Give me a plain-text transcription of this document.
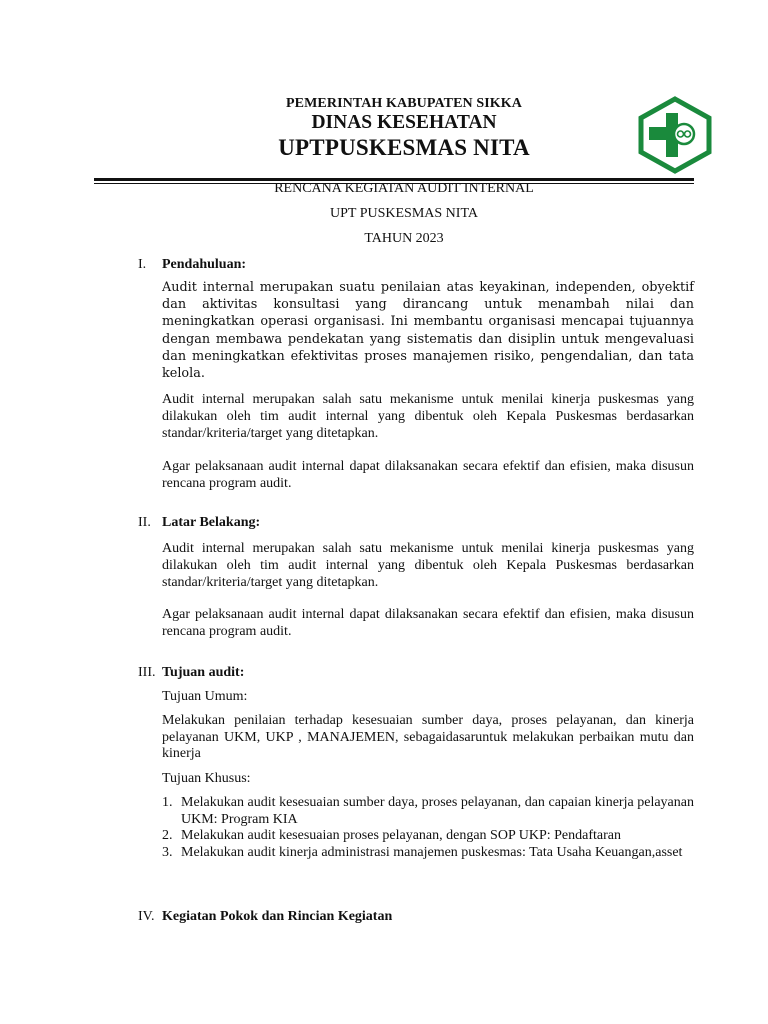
PEMERINTAH KABUPATEN SIKKA
DINAS KESEHATAN
UPTPUSKESMAS NITA
RENCANA KEGIATAN AUDIT INTERNAL
UPT PUSKESMAS NITA
TAHUN 2023
I. Pendahuluan:
Audit internal merupakan suatu penilaian atas keyakinan, independen, obyektif dan aktivitas konsultasi yang dirancang untuk menambah nilai dan meningkatkan operasi organisasi. Ini membantu organisasi mencapai tujuannya dengan membawa pendekatan yang sistematis dan disiplin untuk mengevaluasi dan meningkatkan efektivitas proses manajemen risiko, pengendalian, dan tata kelola.
Audit internal merupakan salah satu mekanisme untuk menilai kinerja puskesmas yang dilakukan oleh tim audit internal yang dibentuk oleh Kepala Puskesmas berdasarkan standar/kriteria/target yang ditetapkan.
Agar pelaksanaan audit internal dapat dilaksanakan secara efektif dan efisien, maka disusun rencana program audit.
II. Latar Belakang:
Audit internal merupakan salah satu mekanisme untuk menilai kinerja puskesmas yang dilakukan oleh tim audit internal yang dibentuk oleh Kepala Puskesmas berdasarkan standar/kriteria/target yang ditetapkan.
Agar pelaksanaan audit internal dapat dilaksanakan secara efektif dan efisien, maka disusun rencana program audit.
III. Tujuan audit:
Tujuan Umum:
Melakukan penilaian terhadap kesesuaian sumber daya, proses pelayanan, dan kinerja pelayanan UKM, UKP , MANAJEMEN, sebagaidasaruntuk melakukan perbaikan mutu dan kinerja
Tujuan Khusus:
1. Melakukan audit kesesuaian sumber daya, proses pelayanan, dan capaian kinerja pelayanan UKM: Program KIA
2. Melakukan audit kesesuaian proses pelayanan, dengan SOP UKP: Pendaftaran
3. Melakukan audit kinerja administrasi manajemen puskesmas: Tata Usaha Keuangan,asset
IV. Kegiatan Pokok dan Rincian Kegiatan
